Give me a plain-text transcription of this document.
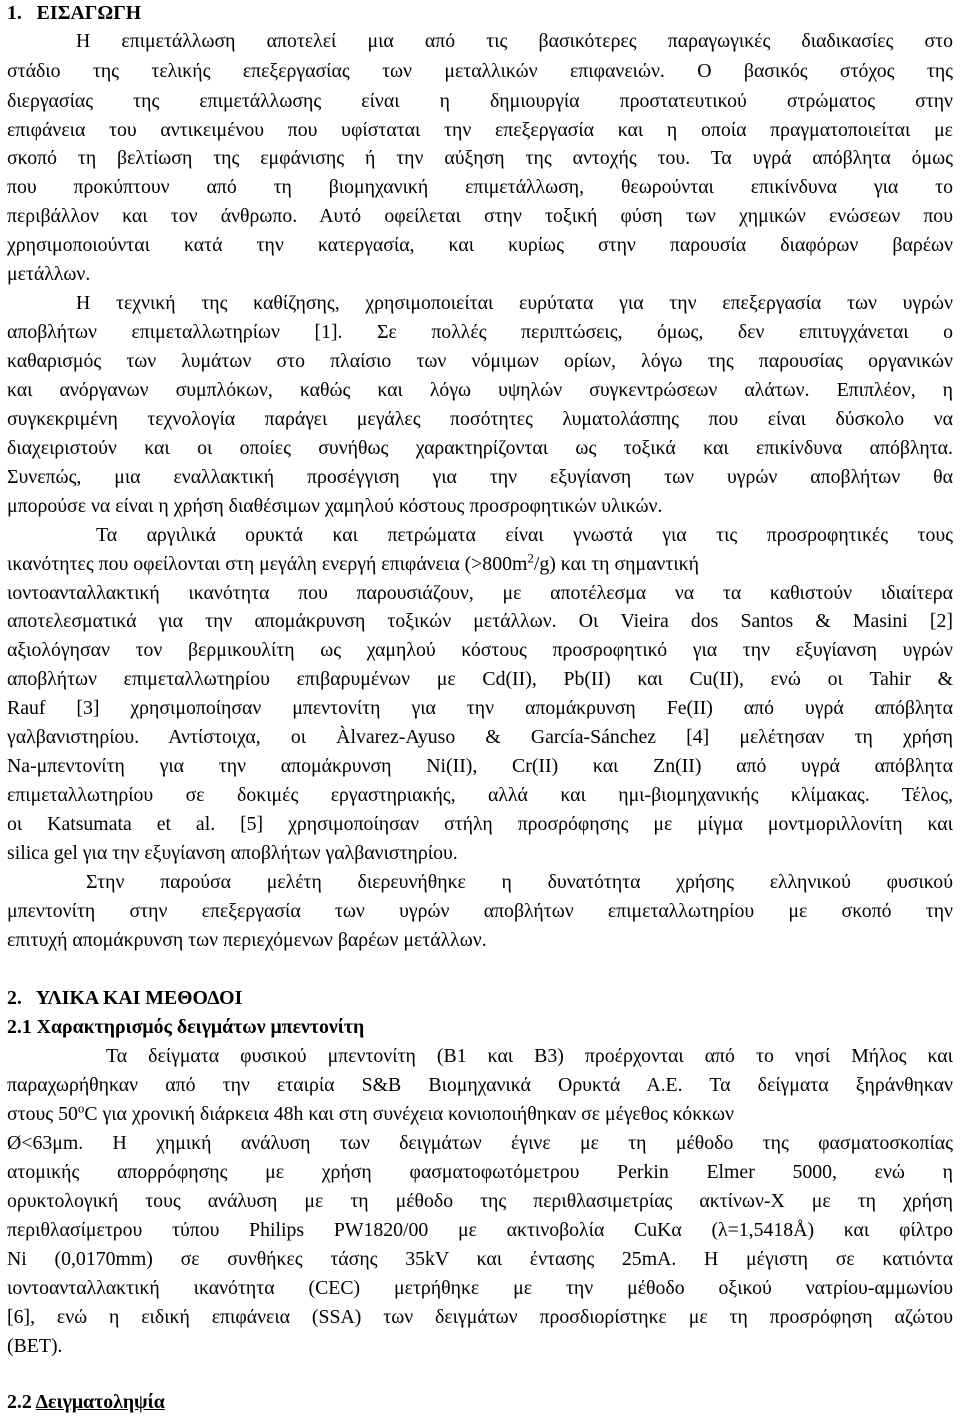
1.   ΕΙΣΑΓΩΓΗ
Η επιμετάλλωση αποτελεί μια από τις βασικότερες παραγωγικές διαδικασίες στο
στάδιο της τελικής επεξεργασίας των μεταλλικών επιφανειών. Ο βασικός στόχος της
διεργασίας της επιμετάλλωσης είναι η δημιουργία προστατευτικού στρώματος στην
επιφάνεια του αντικειμένου που υφίσταται την επεξεργασία και η οποία πραγματοποιείται με
σκοπό τη βελτίωση της εμφάνισης ή την αύξηση της αντοχής του. Τα υγρά απόβλητα όμως
που προκύπτουν από τη βιομηχανική επιμετάλλωση, θεωρούνται επικίνδυνα για το
περιβάλλον και τον άνθρωπο. Αυτό οφείλεται στην τοξική φύση των χημικών ενώσεων που
χρησιμοποιούνται κατά την κατεργασία, και κυρίως στην παρουσία διαφόρων βαρέων
μετάλλων.
Η τεχνική της καθίζησης, χρησιμοποιείται ευρύτατα για την επεξεργασία των υγρών
αποβλήτων επιμεταλλωτηρίων [1]. Σε πολλές περιπτώσεις, όμως, δεν επιτυγχάνεται ο
καθαρισμός των λυμάτων στο πλαίσιο των νόμιμων ορίων, λόγω της παρουσίας οργανικών
και ανόργανων συμπλόκων, καθώς και λόγω υψηλών συγκεντρώσεων αλάτων. Επιπλέον, η
συγκεκριμένη τεχνολογία παράγει μεγάλες ποσότητες λυματολάσπης που είναι δύσκολο να
διαχειριστούν και οι οποίες συνήθως χαρακτηρίζονται ως τοξικά και επικίνδυνα απόβλητα.
Συνεπώς, μια εναλλακτική προσέγγιση για την εξυγίανση των υγρών αποβλήτων θα
μπορούσε να είναι η χρήση διαθέσιμων χαμηλού κόστους προσροφητικών υλικών.
Τα αργιλικά ορυκτά και πετρώματα είναι γνωστά για τις προσροφητικές τους
ικανότητες που οφείλονται στη μεγάλη ενεργή επιφάνεια $(>800m^2/g)$ και τη σημαντική
ιοντοανταλλακτική ικανότητα που παρουσιάζουν, με αποτέλεσμα να τα καθιστούν ιδιαίτερα
αποτελεσματικά για την απομάκρυνση τοξικών μετάλλων. Οι Vieira dos Santos & Masini [2]
αξιολόγησαν τον βερμικουλίτη ως χαμηλού κόστους προσροφητικό για την εξυγίανση υγρών
αποβλήτων επιμεταλλωτηρίου επιβαρυμένων με Cd(II), Pb(II) και Cu(II), ενώ οι Tahir &
Rauf [3] χρησιμοποίησαν μπεντονίτη για την απομάκρυνση Fe(II) από υγρά απόβλητα
γαλβανιστηρίου. Αντίστοιχα, οι Àlvarez-Ayuso & García-Sánchez [4] μελέτησαν τη χρήση
Na-μπεντονίτη για την απομάκρυνση Ni(II), Cr(II) και Zn(II) από υγρά απόβλητα
επιμεταλλωτηρίου σε δοκιμές εργαστηριακής, αλλά και ημι-βιομηχανικής κλίμακας. Τέλος,
οι Katsumata et al. [5] χρησιμοποίησαν στήλη προσρόφησης με μίγμα μοντμοριλλονίτη και
silica gel για την εξυγίανση αποβλήτων γαλβανιστηρίου.
Στην παρούσα μελέτη διερευνήθηκε η δυνατότητα χρήσης ελληνικού φυσικού
μπεντονίτη στην επεξεργασία των υγρών αποβλήτων επιμεταλλωτηρίου με σκοπό την
επιτυχή απομάκρυνση των περιεχόμενων βαρέων μετάλλων.
2.   ΥΛΙΚΑ ΚΑΙ ΜΕΘΟΔΟΙ
2.1 Χαρακτηρισμός δειγμάτων μπεντονίτη
Τα δείγματα φυσικού μπεντονίτη (B1 και B3) προέρχονται από το νησί Μήλος και
παραχωρήθηκαν από την εταιρία S&B Βιομηχανικά Ορυκτά Α.Ε. Τα δείγματα ξηράνθηκαν
στους 50$^o$C για χρονική διάρκεια 48h και στη συνέχεια κονιοποιήθηκαν σε μέγεθος κόκκων
Ø<63μm. Η χημική ανάλυση των δειγμάτων έγινε με τη μέθοδο της φασματοσκοπίας
ατομικής απορρόφησης με χρήση φασματοφωτόμετρου Perkin Elmer 5000, ενώ η
ορυκτολογική τους ανάλυση με τη μέθοδο της περιθλασιμετρίας ακτίνων-Χ με τη χρήση
περιθλασίμετρου τύπου Philips PW1820/00 με ακτινοβολία CuKα (λ=1,5418Å) και φίλτρο
Ni (0,0170mm) σε συνθήκες τάσης 35kV και έντασης 25mA. Η μέγιστη σε κατιόντα
ιοντοανταλλακτική ικανότητα (CEC) μετρήθηκε με την μέθοδο οξικού νατρίου-αμμωνίου
[6], ενώ η ειδική επιφάνεια (SSA) των δειγμάτων προσδιορίστηκε με τη προσρόφηση αζώτου
(BET).
2.2 Δειγματοληψία
